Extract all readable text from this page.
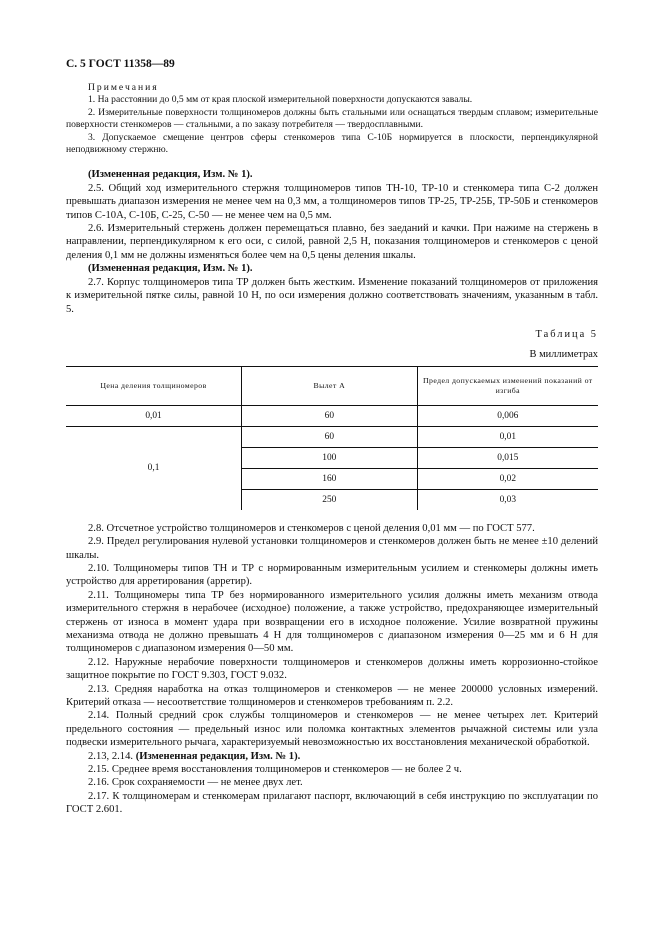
С. 5 ГОСТ 11358—89

Примечания

1. На расстоянии до 0,5 мм от края плоской измерительной поверхности допускаются завалы.

2. Измерительные поверхности толщиномеров должны быть стальными или оснащаться твердым сплавом; измерительные поверхности стенкомеров — стальными, а по заказу потребителя — твердосплавными.

3. Допускаемое смещение центров сферы стенкомеров типа С-10Б нормируется в плоскости, перпендикулярной неподвижному стержню.

(Измененная редакция, Изм. № 1).

2.5. Общий ход измерительного стержня толщиномеров типов ТН-10, ТР-10 и стенкомера типа С-2 должен превышать диапазон измерения не менее чем на 0,3 мм, а толщиномеров типов ТР-25, ТР-25Б, ТР-50Б и стенкомеров типов С-10А, С-10Б, С-25, С-50 — не менее чем на 0,5 мм.

2.6. Измерительный стержень должен перемещаться плавно, без заеданий и качки. При нажиме на стержень в направлении, перпендикулярном к его оси, с силой, равной 2,5 Н, показания толщиномеров и стенкомеров с ценой деления 0,1 мм не должны изменяться более чем на 0,5 цены деления шкалы.

(Измененная редакция, Изм. № 1).

2.7. Корпус толщиномеров типа ТР должен быть жестким. Изменение показаний толщиномеров от приложения к измерительной пятке силы, равной 10 Н, по оси измерения должно соответствовать значениям, указанным в табл. 5.

Таблица 5

В миллиметрах

Цена деления толщиномеров	Вылет A	Предел допускаемых изменений показаний от изгиба
0,01	60	0,006
0,1	60	0,01
	100	0,015
	160	0,02
	250	0,03

2.8. Отсчетное устройство толщиномеров и стенкомеров с ценой деления 0,01 мм — по ГОСТ 577.

2.9. Предел регулирования нулевой установки толщиномеров и стенкомеров должен быть не менее ±10 делений шкалы.

2.10. Толщиномеры типов ТН и ТР с нормированным измерительным усилием и стенкомеры должны иметь устройство для арретирования (арретир).

2.11. Толщиномеры типа ТР без нормированного измерительного усилия должны иметь механизм отвода измерительного стержня в нерабочее (исходное) положение, а также устройство, предохраняющее измерительный стержень от износа в момент удара при возвращении его в исходное положение. Усилие возвратной пружины механизма отвода не должно превышать 4 Н для толщиномеров с диапазоном измерения 0—25 мм и 6 Н для толщиномеров с диапазоном измерения 0—50 мм.

2.12. Наружные нерабочие поверхности толщиномеров и стенкомеров должны иметь коррозионно-стойкое защитное покрытие по ГОСТ 9.303, ГОСТ 9.032.

2.13. Средняя наработка на отказ толщиномеров и стенкомеров — не менее 200000 условных измерений. Критерий отказа — несоответствие толщиномеров и стенкомеров требованиям п. 2.2.

2.14. Полный средний срок службы толщиномеров и стенкомеров — не менее четырех лет. Критерий предельного состояния — предельный износ или поломка контактных элементов рычажной системы или узла подвески измерительного рычага, характеризуемый невозможностью их восстановления механической обработкой.

2.13, 2.14. (Измененная редакция, Изм. № 1).

2.15. Среднее время восстановления толщиномеров и стенкомеров — не более 2 ч.

2.16. Срок сохраняемости — не менее двух лет.

2.17. К толщиномерам и стенкомерам прилагают паспорт, включающий в себя инструкцию по эксплуатации по ГОСТ 2.601.
